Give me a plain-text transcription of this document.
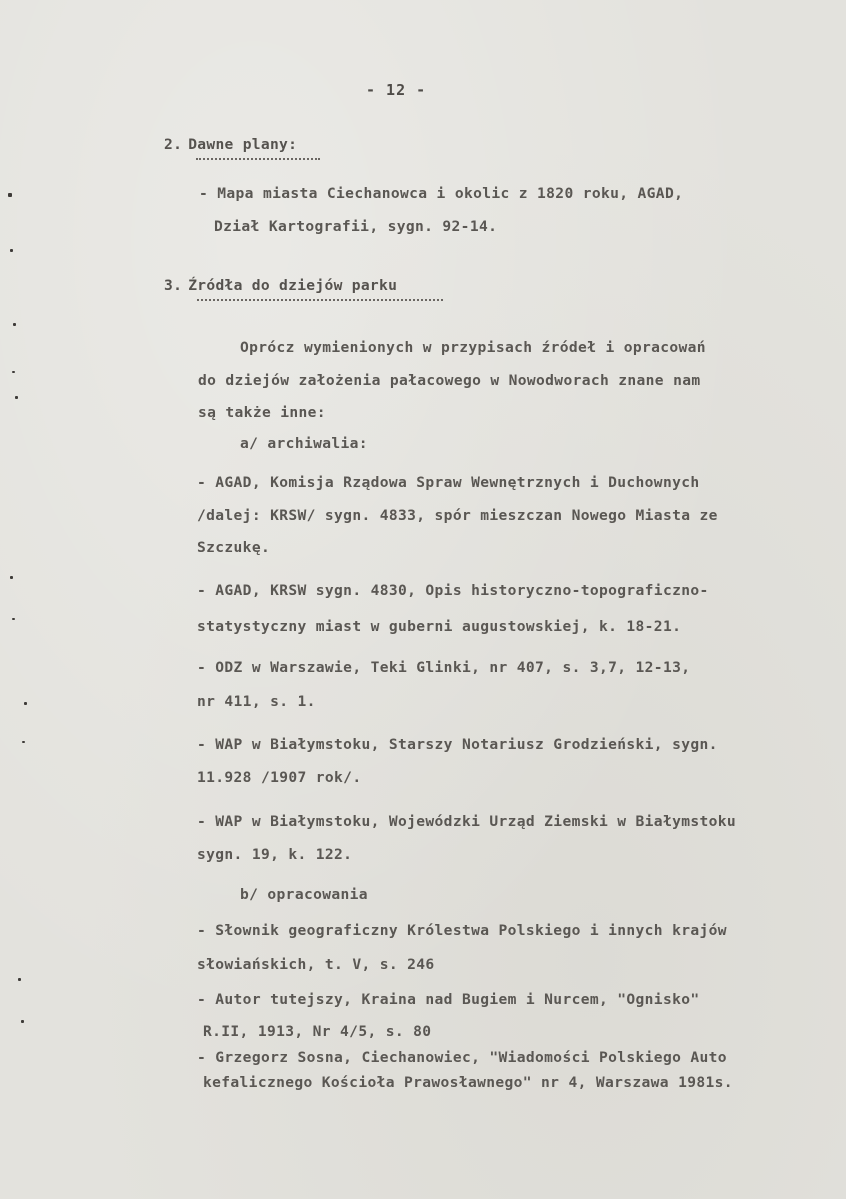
- 12 -
2. Dawne plany:
- Mapa miasta Ciechanowca i okolic z 1820 roku, AGAD,
Dział Kartografii, sygn. 92-14.
3. Źródła do dziejów parku
Oprócz wymienionych w przypisach źródeł i opracowań
do dziejów założenia pałacowego w Nowodworach znane nam
są także inne:
a/ archiwalia:
- AGAD, Komisja Rządowa Spraw Wewnętrznych i Duchownych
/dalej: KRSW/ sygn. 4833, spór mieszczan Nowego Miasta ze
Szczukę.
- AGAD, KRSW sygn. 4830, Opis historyczno-topograficzno-
statystyczny miast w guberni augustowskiej, k. 18-21.
- ODZ w Warszawie, Teki Glinki, nr 407, s. 3,7, 12-13,
nr 411, s. 1.
- WAP w Białymstoku, Starszy Notariusz Grodzieński, sygn.
11.928 /1907 rok/.
- WAP w Białymstoku, Wojewódzki Urząd Ziemski w Białymstoku
sygn. 19, k. 122.
b/ opracowania
- Słownik geograficzny Królestwa Polskiego i innych krajów
słowiańskich, t. V, s. 246
- Autor tutejszy, Kraina nad Bugiem i Nurcem, "Ognisko"
R.II, 1913, Nr 4/5, s. 80
- Grzegorz Sosna, Ciechanowiec, "Wiadomości Polskiego Auto
kefalicznego Kościoła Prawosławnego" nr 4, Warszawa 1981s.
